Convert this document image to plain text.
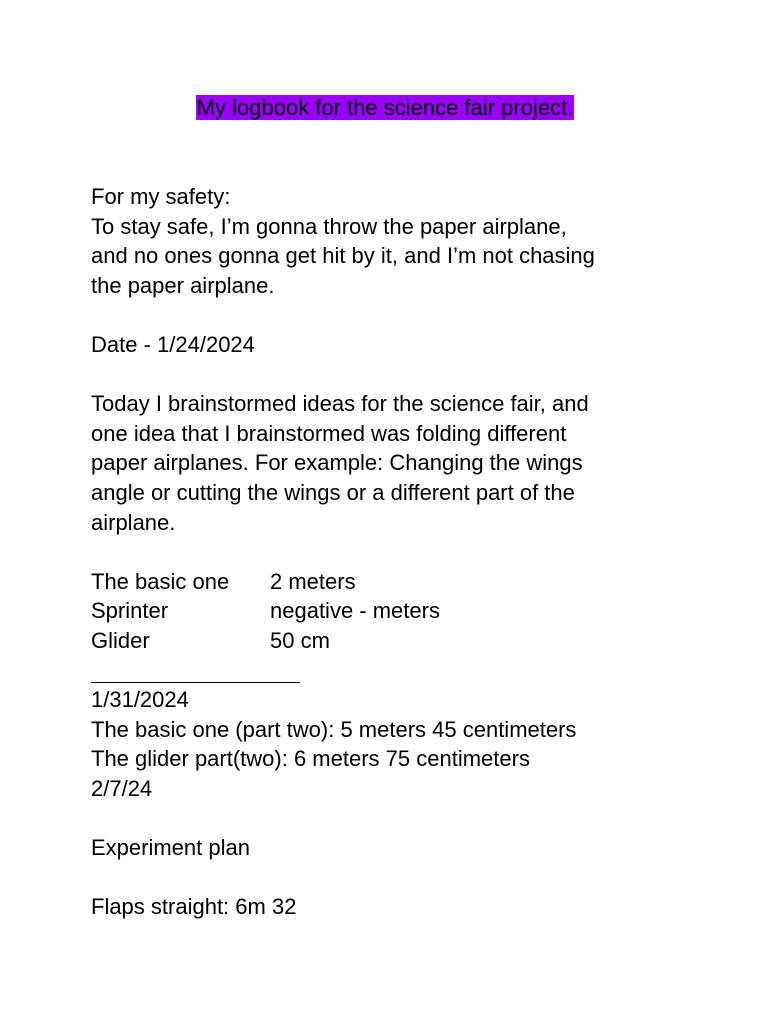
My logbook for the science fair project.
For my safety:
To stay safe, I’m gonna throw the paper airplane,
and no ones gonna get hit by it, and I’m not chasing
the paper airplane.
Date - 1/24/2024
Today I brainstormed ideas for the science fair, and
one idea that I brainstormed was folding different
paper airplanes. For example: Changing the wings
angle or cutting the wings or a different part of the
airplane.
The basic one	2 meters
Sprinter	negative - meters
Glider	50 cm
1/31/2024
The basic one (part two): 5 meters 45 centimeters
The glider part(two): 6 meters 75 centimeters
2/7/24
Experiment plan
Flaps straight: 6m 32
